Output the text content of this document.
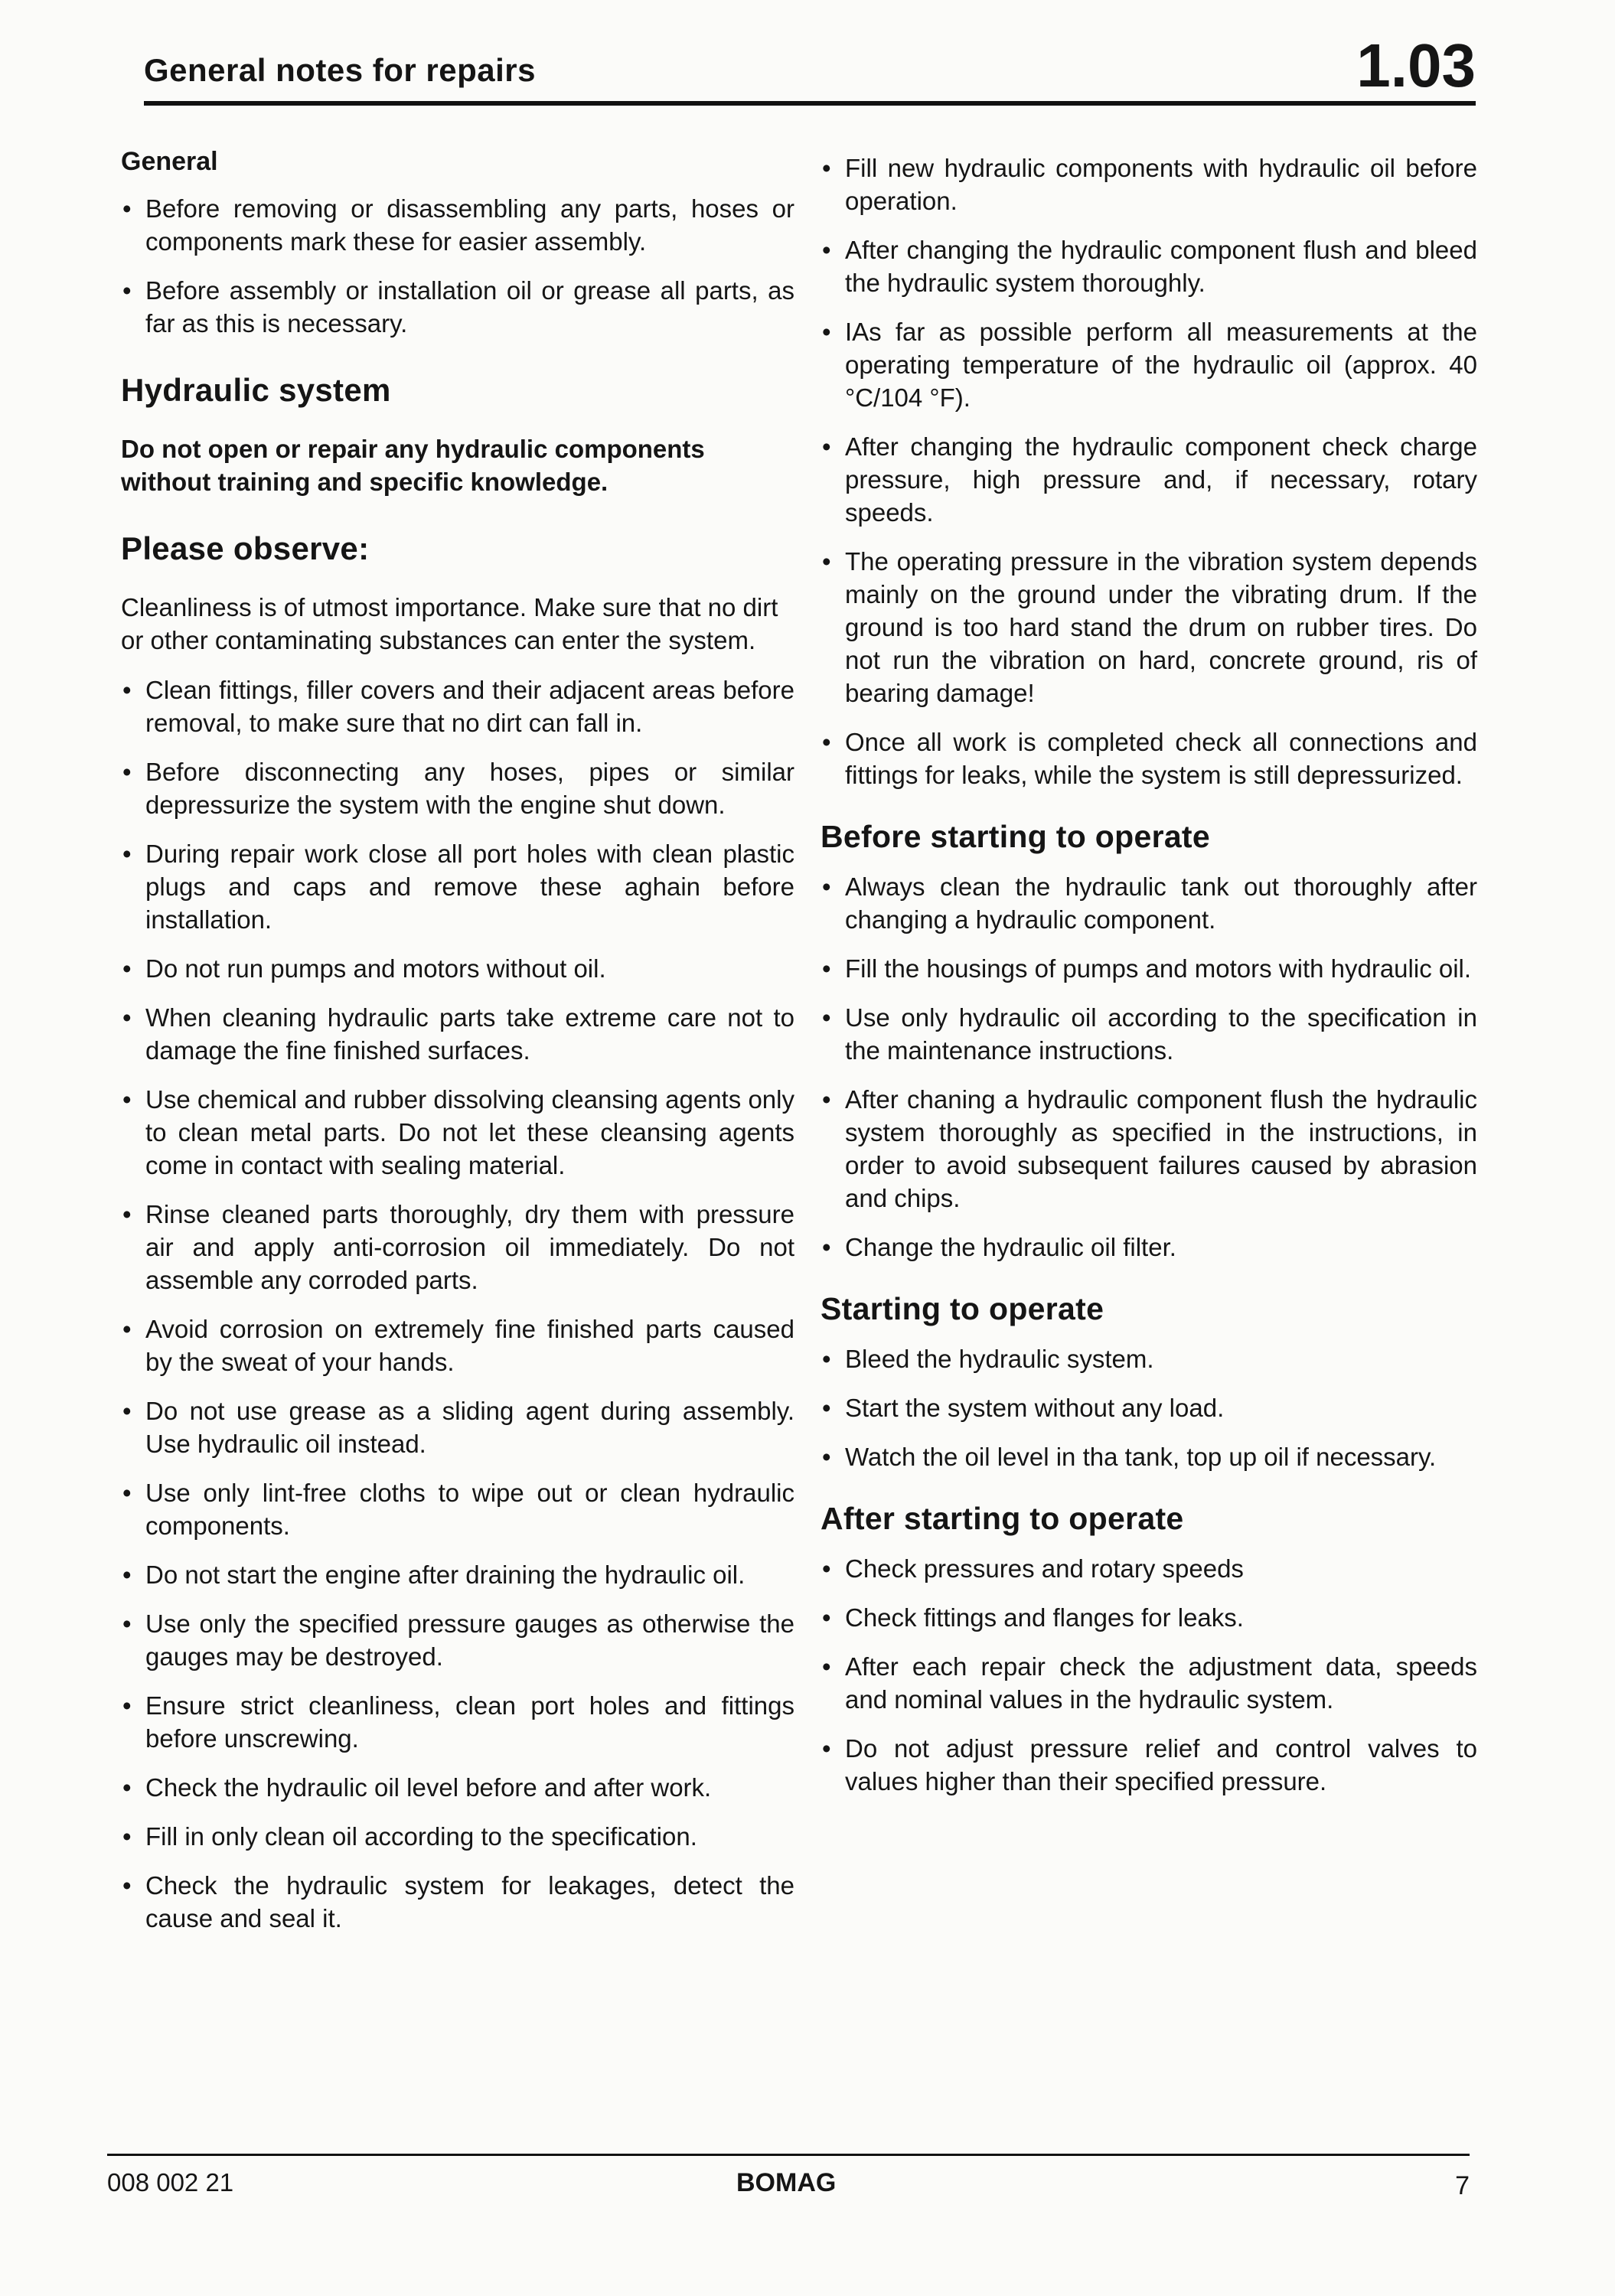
General notes for repairs	1.03
General
• Before removing or disassembling any parts, hoses or components mark these for easier assembly.
• Before assembly or installation oil or grease all parts, as far as this is necessary.
Hydraulic system
Do not open or repair any hydraulic components without training and specific knowledge.
Please observe:
Cleanliness is of utmost importance. Make sure that no dirt or other contaminating substances can enter the system.
• Clean fittings, filler covers and their adjacent areas before removal, to make sure that no dirt can fall in.
• Before disconnecting any hoses, pipes or similar depressurize the system with the engine shut down.
• During repair work close all port holes with clean plastic plugs and caps and remove these aghain before installation.
• Do not run pumps and motors without oil.
• When cleaning hydraulic parts take extreme care not to damage the fine finished surfaces.
• Use chemical and rubber dissolving cleansing agents only to clean metal parts. Do not let these cleansing agents come in contact with sealing material.
• Rinse cleaned parts thoroughly, dry them with pressure air and apply anti-corrosion oil immediately. Do not assemble any corroded parts.
• Avoid corrosion on extremely fine finished parts caused by the sweat of your hands.
• Do not use grease as a sliding agent during assembly. Use hydraulic oil instead.
• Use only lint-free cloths to wipe out or clean hydraulic components.
• Do not start the engine after draining the hydraulic oil.
• Use only the specified pressure gauges as otherwise the gauges may be destroyed.
• Ensure strict cleanliness, clean port holes and fittings before unscrewing.
• Check the hydraulic oil level before and after work.
• Fill in only clean oil according to the specification.
• Check the hydraulic system for leakages, detect the cause and seal it.
• Fill new hydraulic components with hydraulic oil before operation.
• After changing the hydraulic component flush and bleed the hydraulic system thoroughly.
• IAs far as possible perform all measurements at the operating temperature of the hydraulic oil (approx. 40 °C/104 °F).
• After changing the hydraulic component check charge pressure, high pressure and, if necessary, rotary speeds.
• The operating pressure in the vibration system depends mainly on the ground under the vibrating drum. If the ground is too hard stand the drum on rubber tires. Do not run the vibration on hard, concrete ground, ris of bearing damage!
• Once all work is completed check all connections and fittings for leaks, while the system is still depressurized.
Before starting to operate
• Always clean the hydraulic tank out thoroughly after changing a hydraulic component.
• Fill the housings of pumps and motors with hydraulic oil.
• Use only hydraulic oil according to the specification in the maintenance instructions.
• After chaning a hydraulic component flush the hydraulic system thoroughly as specified in the instructions, in order to avoid subsequent failures caused by abrasion and chips.
• Change the hydraulic oil filter.
Starting to operate
• Bleed the hydraulic system.
• Start the system without any load.
• Watch the oil level in tha tank, top up oil if necessary.
After starting to operate
• Check pressures and rotary speeds
• Check fittings and flanges for leaks.
• After each repair check the adjustment data, speeds and nominal values in the hydraulic system.
• Do not adjust pressure relief and control valves to values higher than their specified pressure.
008 002 21	BOMAG	7
